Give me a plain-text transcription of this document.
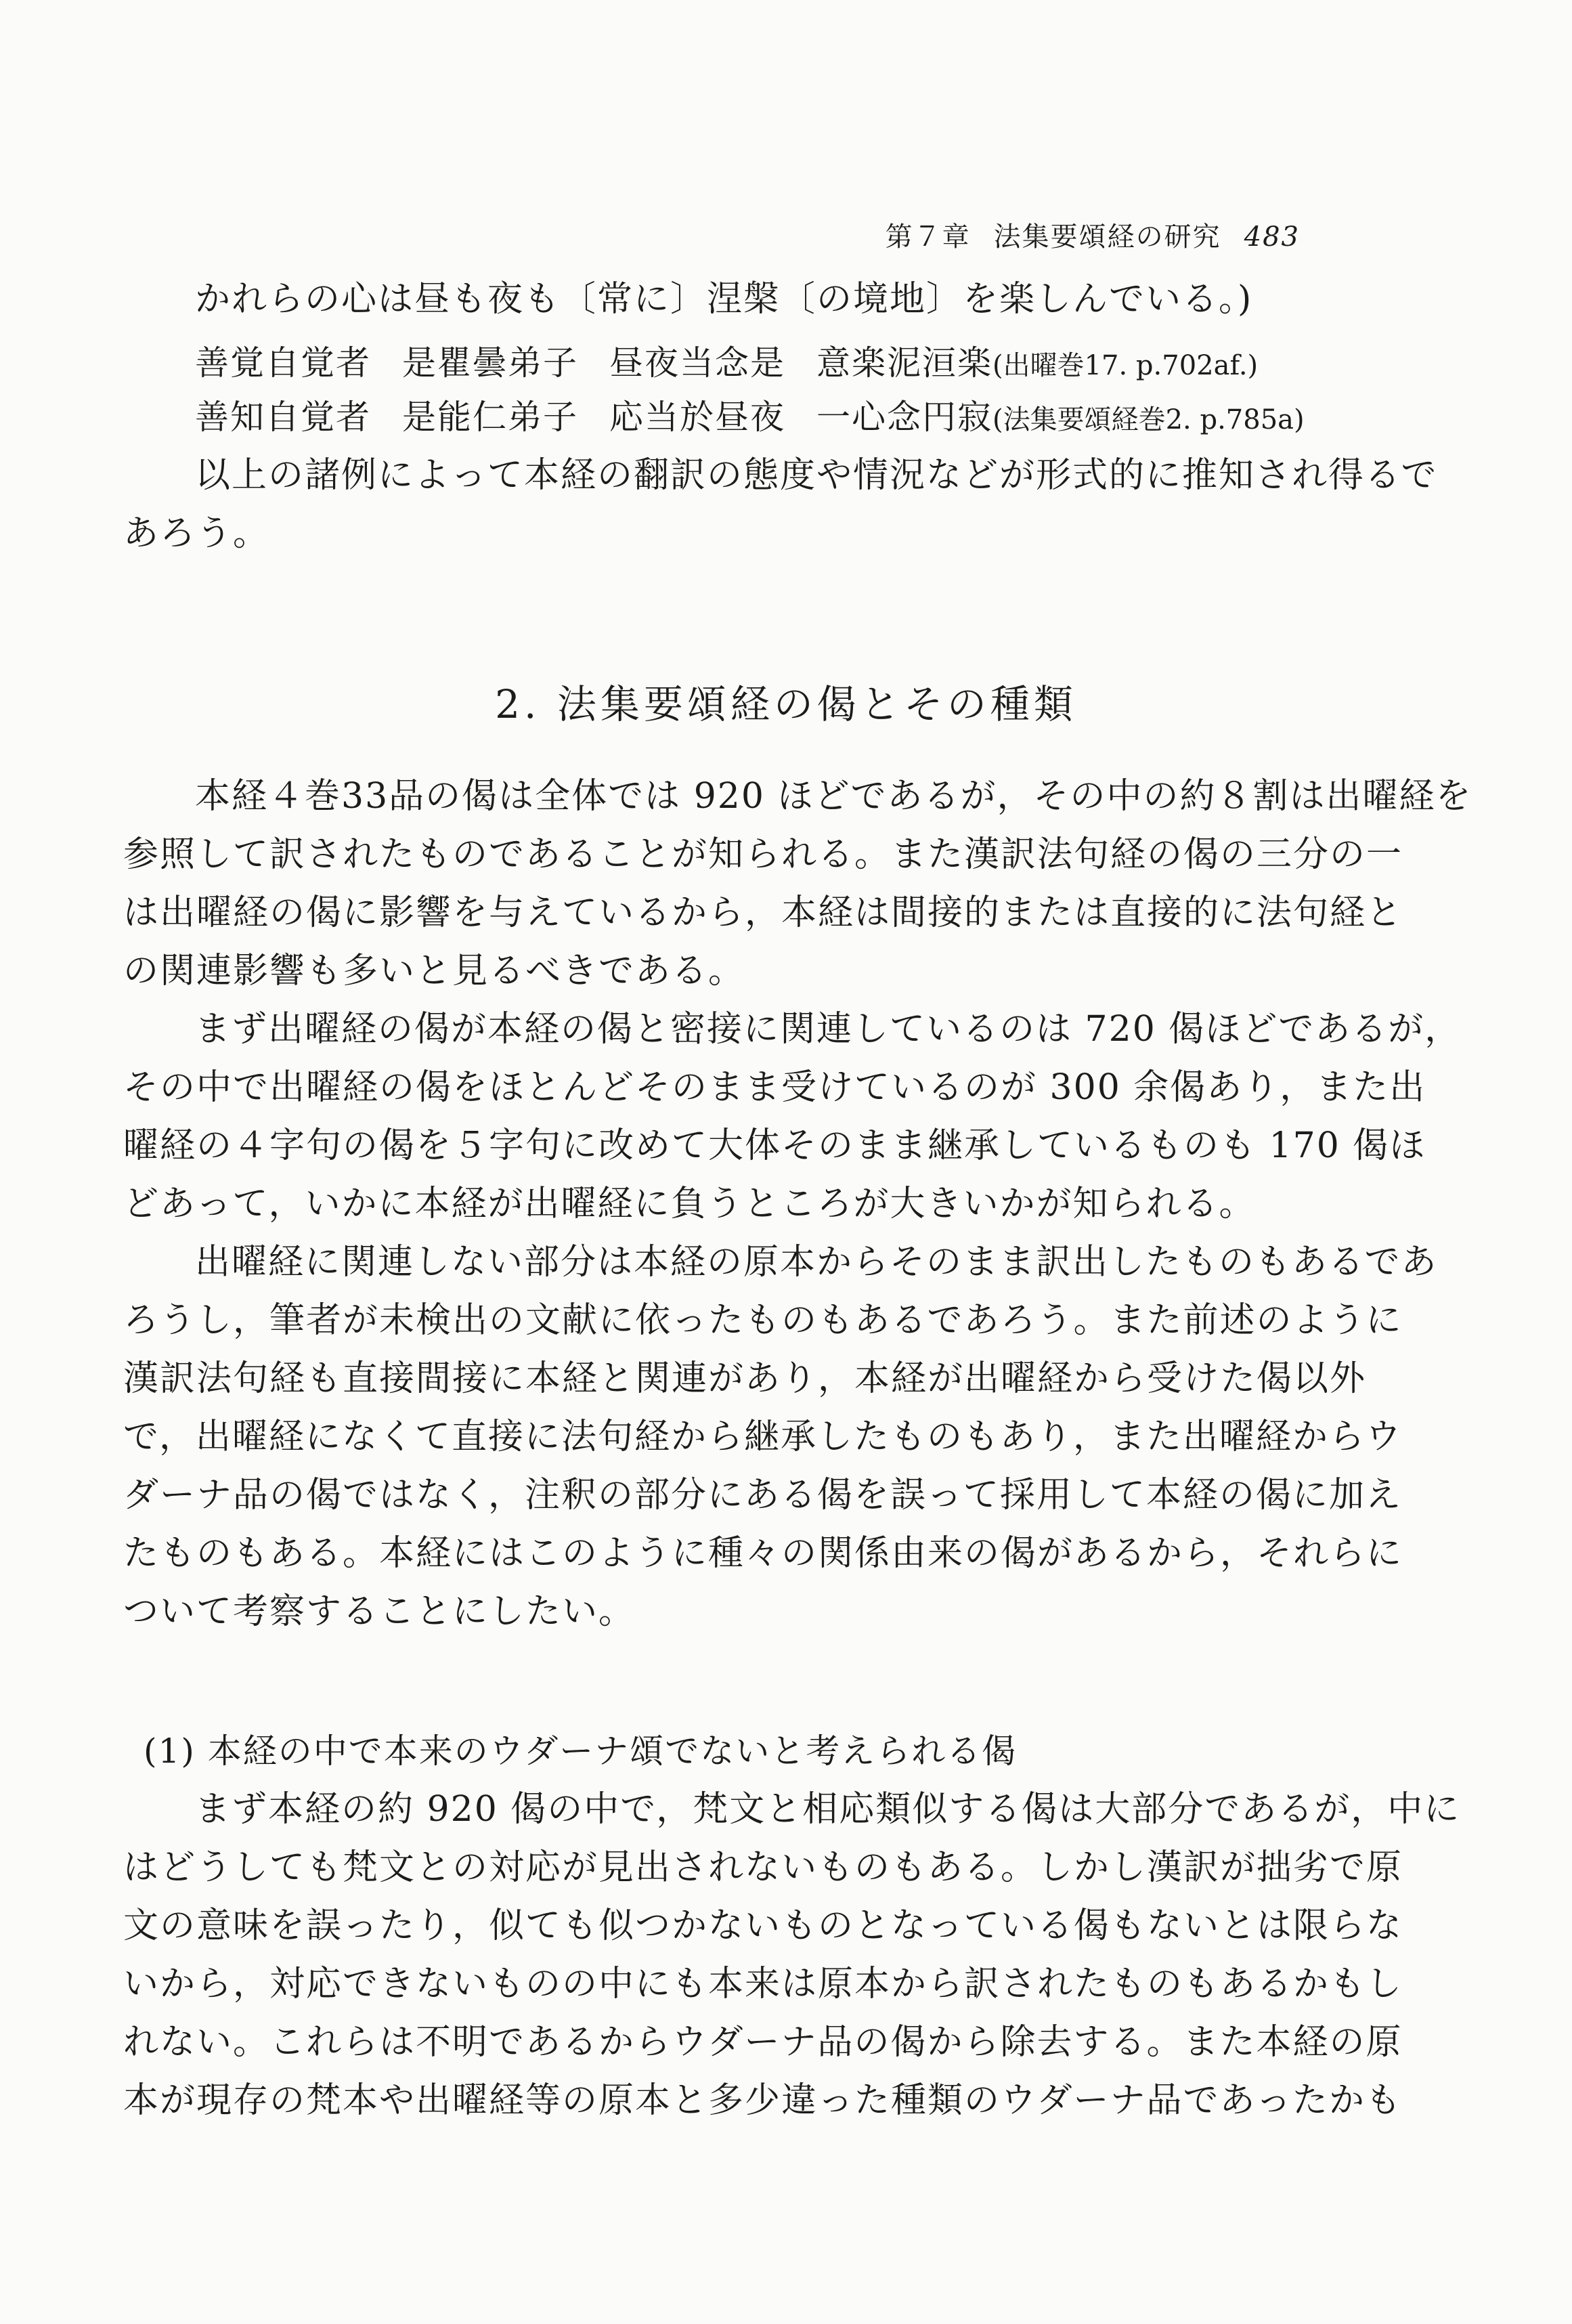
第７章 法集要頌経の研究 483
かれらの心は昼も夜も〔常に〕涅槃〔の境地〕を楽しんでいる。)
善覚自覚者 是瞿曇弟子 昼夜当念是 意楽泥洹楽(出曜巻17. p.702af.)
善知自覚者 是能仁弟子 応当於昼夜 一心念円寂(法集要頌経巻2. p.785a)
以上の諸例によって本経の翻訳の態度や情況などが形式的に推知され得るで
あろう。
2. 法集要頌経の偈とその種類
本経４巻33品の偈は全体では 920 ほどであるが，その中の約８割は出曜経を
参照して訳されたものであることが知られる。また漢訳法句経の偈の三分の一
は出曜経の偈に影響を与えているから，本経は間接的または直接的に法句経と
の関連影響も多いと見るべきである。
まず出曜経の偈が本経の偈と密接に関連しているのは 720 偈ほどであるが，
その中で出曜経の偈をほとんどそのまま受けているのが 300 余偈あり，また出
曜経の４字句の偈を５字句に改めて大体そのまま継承しているものも 170 偈ほ
どあって，いかに本経が出曜経に負うところが大きいかが知られる。
出曜経に関連しない部分は本経の原本からそのまま訳出したものもあるであ
ろうし，筆者が未検出の文献に依ったものもあるであろう。また前述のように
漢訳法句経も直接間接に本経と関連があり，本経が出曜経から受けた偈以外
で，出曜経になくて直接に法句経から継承したものもあり，また出曜経からウ
ダーナ品の偈ではなく，注釈の部分にある偈を誤って採用して本経の偈に加え
たものもある。本経にはこのように種々の関係由来の偈があるから，それらに
ついて考察することにしたい。
(1) 本経の中で本来のウダーナ頌でないと考えられる偈
まず本経の約 920 偈の中で，梵文と相応類似する偈は大部分であるが，中に
はどうしても梵文との対応が見出されないものもある。しかし漢訳が拙劣で原
文の意味を誤ったり，似ても似つかないものとなっている偈もないとは限らな
いから，対応できないものの中にも本来は原本から訳されたものもあるかもし
れない。これらは不明であるからウダーナ品の偈から除去する。また本経の原
本が現存の梵本や出曜経等の原本と多少違った種類のウダーナ品であったかも
